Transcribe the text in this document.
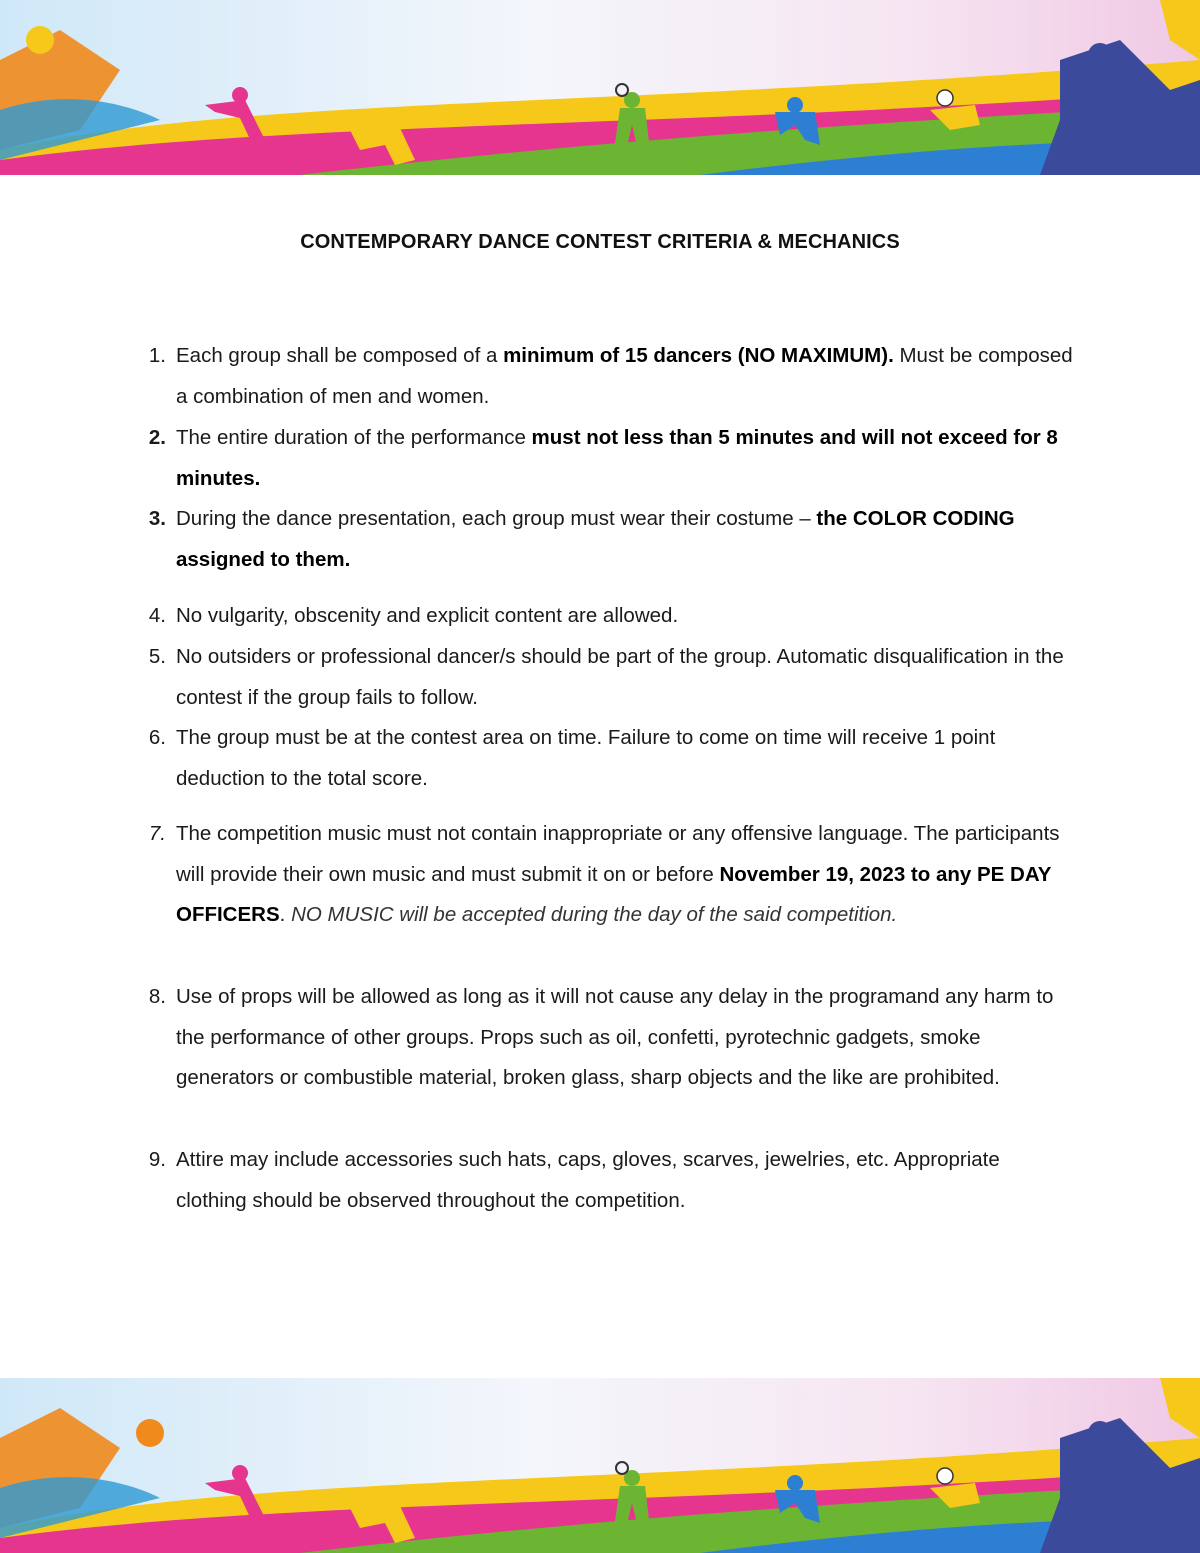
CONTEMPORARY DANCE CONTEST CRITERIA & MECHANICS
1. Each group shall be composed of a minimum of 15 dancers (NO MAXIMUM). Must be composed a combination of men and women.
2. The entire duration of the performance must not less than 5 minutes and will not exceed for 8 minutes.
3. During the dance presentation, each group must wear their costume – the COLOR CODING assigned to them.
4. No vulgarity, obscenity and explicit content are allowed.
5. No outsiders or professional dancer/s should be part of the group. Automatic disqualification in the contest if the group fails to follow.
6. The group must be at the contest area on time. Failure to come on time will receive 1 point deduction to the total score.
7. The competition music must not contain inappropriate or any offensive language. The participants will provide their own music and must submit it on or before November 19, 2023 to any PE DAY OFFICERS. NO MUSIC will be accepted during the day of the said competition.
8. Use of props will be allowed as long as it will not cause any delay in the programand any harm to the performance of other groups. Props such as oil, confetti, pyrotechnic gadgets, smoke generators or combustible material, broken glass, sharp objects and the like are prohibited.
9. Attire may include accessories such hats, caps, gloves, scarves, jewelries, etc. Appropriate clothing should be observed throughout the competition.
